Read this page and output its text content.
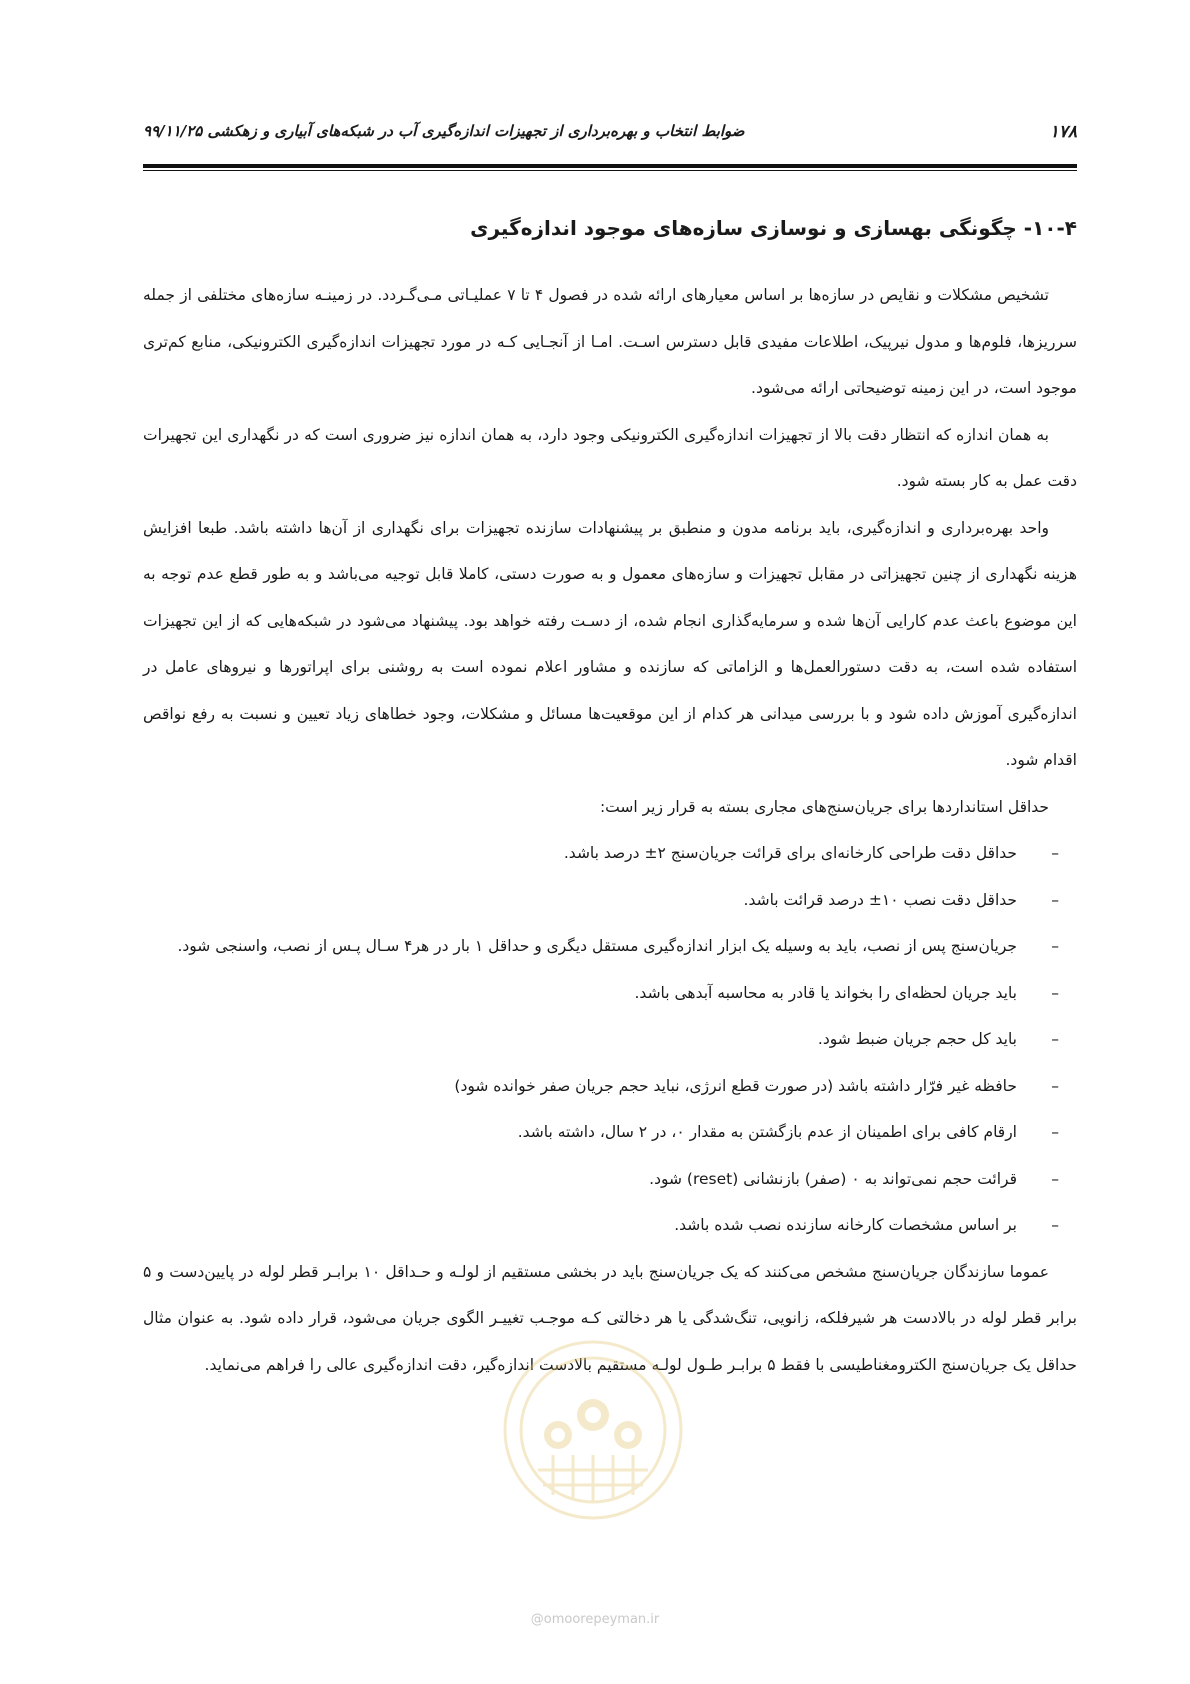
۱۷۸
ضوابط انتخاب و بهره‌برداری از تجهیزات اندازه‌گیری آب در شبکه‌های آبیاری و زهکشی ۹۹/۱۱/۲۵
۱۰-۴- چگونگی بهسازی و نوسازی سازه‌های موجود اندازه‌گیری

تشخیص مشکلات و نقایص در سازه‌ها بر اساس معیارهای ارائه شده در فصول ۴ تا ۷ عملیـاتی مـی‌گـردد. در زمینـه سازه‌های مختلفی از جمله سرریزها، فلوم‌ها و مدول نیرپیک، اطلاعات مفیدی قابل دسترس اسـت. امـا از آنجـایی کـه در مورد تجهیزات اندازه‌گیری الکترونیکی، منابع کم‌تری موجود است، در این زمینه توضیحاتی ارائه می‌شود.

به همان اندازه که انتظار دقت بالا از تجهیزات اندازه‌گیری الکترونیکی وجود دارد، به همان اندازه نیز ضروری است که در نگهداری این تجهیرات دقت عمل به کار بسته شود.

واحد بهره‌برداری و اندازه‌گیری، باید برنامه مدون و منطبق بر پیشنهادات سازنده تجهیزات برای نگهداری از آن‌ها داشته باشد. طبعا افزایش هزینه نگهداری از چنین تجهیزاتی در مقابل تجهیزات و سازه‌های معمول و به صورت دستی، کاملا قابل توجیه می‌باشد و به طور قطع عدم توجه به این موضوع باعث عدم کارایی آن‌ها شده و سرمایه‌گذاری انجام شده، از دسـت رفته خواهد بود. پیشنهاد می‌شود در شبکه‌هایی که از این تجهیزات استفاده شده است، به دقت دستورالعمل‌ها و الزاماتی که سازنده و مشاور اعلام نموده است به روشنی برای اپراتورها و نیروهای عامل در اندازه‌گیری آموزش داده شود و با بررسی میدانی هر کدام از این موقعیت‌ها مسائل و مشکلات، وجود خطاهای زیاد تعیین و نسبت به رفع نواقص اقدام شود.

حداقل استانداردها برای جریان‌سنج‌های مجاری بسته به قرار زیر است:

–
حداقل دقت طراحی کارخانه‌ای برای قرائت جریان‌سنج ۲± درصد باشد.
–
حداقل دقت نصب ۱۰± درصد قرائت باشد.
–
جریان‌سنج پس از نصب، باید به وسیله یک ابزار اندازه‌گیری مستقل دیگری و حداقل ۱ بار در هر۴ سـال پـس از نصب، واسنجی شود.
–
باید جریان لحظه‌ای را بخواند یا قادر به محاسبه آبدهی باشد.
–
باید کل حجم جریان ضبط شود.
–
حافظه غیر فرّار داشته باشد (در صورت قطع انرژی، نباید حجم جریان صفر خوانده شود)
–
ارقام کافی برای اطمینان از عدم بازگشتن به مقدار ۰، در ۲ سال، داشته باشد.
–
قرائت حجم نمی‌تواند به ۰ (صفر) بازنشانی (reset) شود.
–
بر اساس مشخصات کارخانه سازنده نصب شده باشد.

عموما سازندگان جریان‌سنج مشخص می‌کنند که یک جریان‌سنج باید در بخشی مستقیم از لولـه و حـداقل ۱۰ برابـر قطر لوله در پایین‌دست و ۵ برابر قطر لوله در بالادست هر شیرفلکه، زانویی، تنگ‌شدگی یا هر دخالتی کـه موجـب تغییـر الگوی جریان می‌شود، قرار داده شود. به عنوان مثال حداقل یک جریان‌سنج الکترومغناطیسی با فقط ۵ برابـر طـول لولـه مستقیم بالادست اندازه‌گیر، دقت اندازه‌گیری عالی را فراهم می‌نماید.

@omoorepeyman.ir
